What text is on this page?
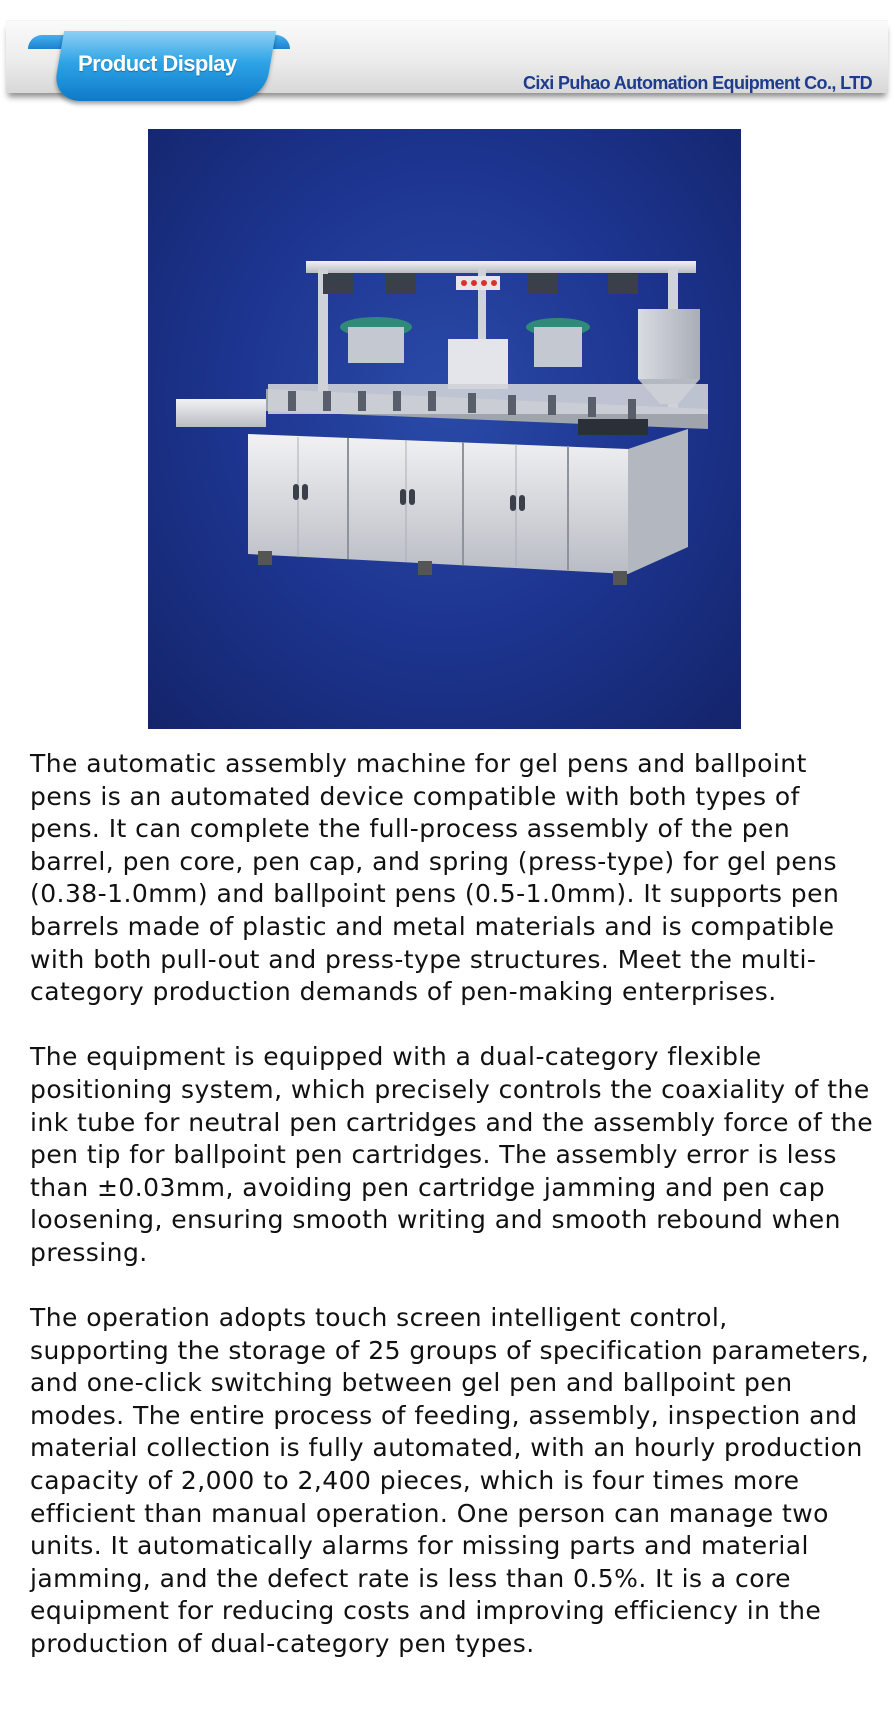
Product Display
Cixi Puhao Automation Equipment Co., LTD

The automatic assembly machine for gel pens and ballpoint pens is an automated device compatible with both types of pens. It can complete the full-process assembly of the pen barrel, pen core, pen cap, and spring (press-type) for gel pens (0.38-1.0mm) and ballpoint pens (0.5-1.0mm). It supports pen barrels made of plastic and metal materials and is compatible with both pull-out and press-type structures. Meet the multi-category production demands of pen-making enterprises.

The equipment is equipped with a dual-category flexible positioning system, which precisely controls the coaxiality of the ink tube for neutral pen cartridges and the assembly force of the pen tip for ballpoint pen cartridges. The assembly error is less than ±0.03mm, avoiding pen cartridge jamming and pen cap loosening, ensuring smooth writing and smooth rebound when pressing.

The operation adopts touch screen intelligent control, supporting the storage of 25 groups of specification parameters, and one-click switching between gel pen and ballpoint pen modes. The entire process of feeding, assembly, inspection and material collection is fully automated, with an hourly production capacity of 2,000 to 2,400 pieces, which is four times more efficient than manual operation. One person can manage two units. It automatically alarms for missing parts and material jamming, and the defect rate is less than 0.5%. It is a core equipment for reducing costs and improving efficiency in the production of dual-category pen types.
